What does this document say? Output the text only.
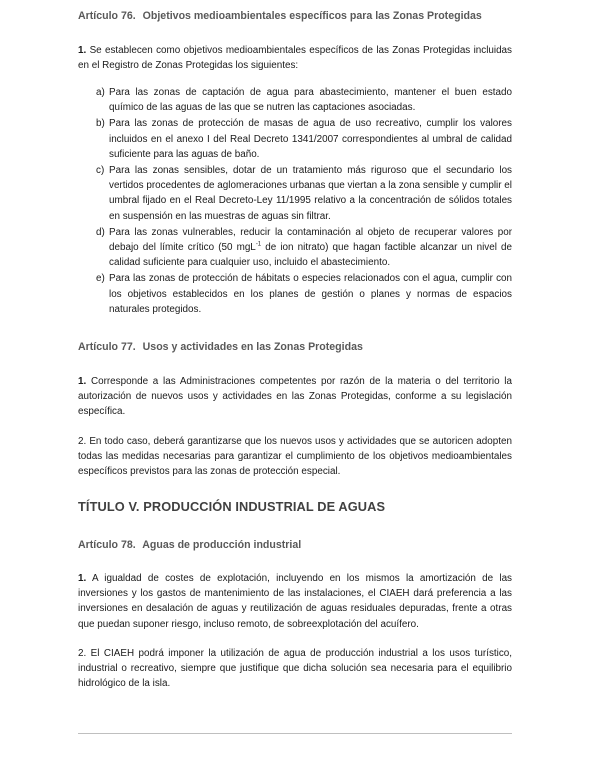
Artículo 76. Objetivos medioambientales específicos para las Zonas Protegidas

1. Se establecen como objetivos medioambientales específicos de las Zonas Protegidas incluidas en el Registro de Zonas Protegidas los siguientes:

a) Para las zonas de captación de agua para abastecimiento, mantener el buen estado químico de las aguas de las que se nutren las captaciones asociadas.
b) Para las zonas de protección de masas de agua de uso recreativo, cumplir los valores incluidos en el anexo I del Real Decreto 1341/2007 correspondientes al umbral de calidad suficiente para las aguas de baño.
c) Para las zonas sensibles, dotar de un tratamiento más riguroso que el secundario los vertidos procedentes de aglomeraciones urbanas que viertan a la zona sensible y cumplir el umbral fijado en el Real Decreto-Ley 11/1995 relativo a la concentración de sólidos totales en suspensión en las muestras de aguas sin filtrar.
d) Para las zonas vulnerables, reducir la contaminación al objeto de recuperar valores por debajo del límite crítico (50 mgL$^{-1}$ de ion nitrato) que hagan factible alcanzar un nivel de calidad suficiente para cualquier uso, incluido el abastecimiento.
e) Para las zonas de protección de hábitats o especies relacionados con el agua, cumplir con los objetivos establecidos en los planes de gestión o planes y normas de espacios naturales protegidos.

Artículo 77. Usos y actividades en las Zonas Protegidas

1. Corresponde a las Administraciones competentes por razón de la materia o del territorio la autorización de nuevos usos y actividades en las Zonas Protegidas, conforme a su legislación específica.

2. En todo caso, deberá garantizarse que los nuevos usos y actividades que se autoricen adopten todas las medidas necesarias para garantizar el cumplimiento de los objetivos medioambientales específicos previstos para las zonas de protección especial.

TÍTULO V. PRODUCCIÓN INDUSTRIAL DE AGUAS

Artículo 78. Aguas de producción industrial

1. A igualdad de costes de explotación, incluyendo en los mismos la amortización de las inversiones y los gastos de mantenimiento de las instalaciones, el CIAEH dará preferencia a las inversiones en desalación de aguas y reutilización de aguas residuales depuradas, frente a otras que puedan suponer riesgo, incluso remoto, de sobreexplotación del acuífero.

2. El CIAEH podrá imponer la utilización de agua de producción industrial a los usos turístico, industrial o recreativo, siempre que justifique que dicha solución sea necesaria para el equilibrio hidrológico de la isla.
